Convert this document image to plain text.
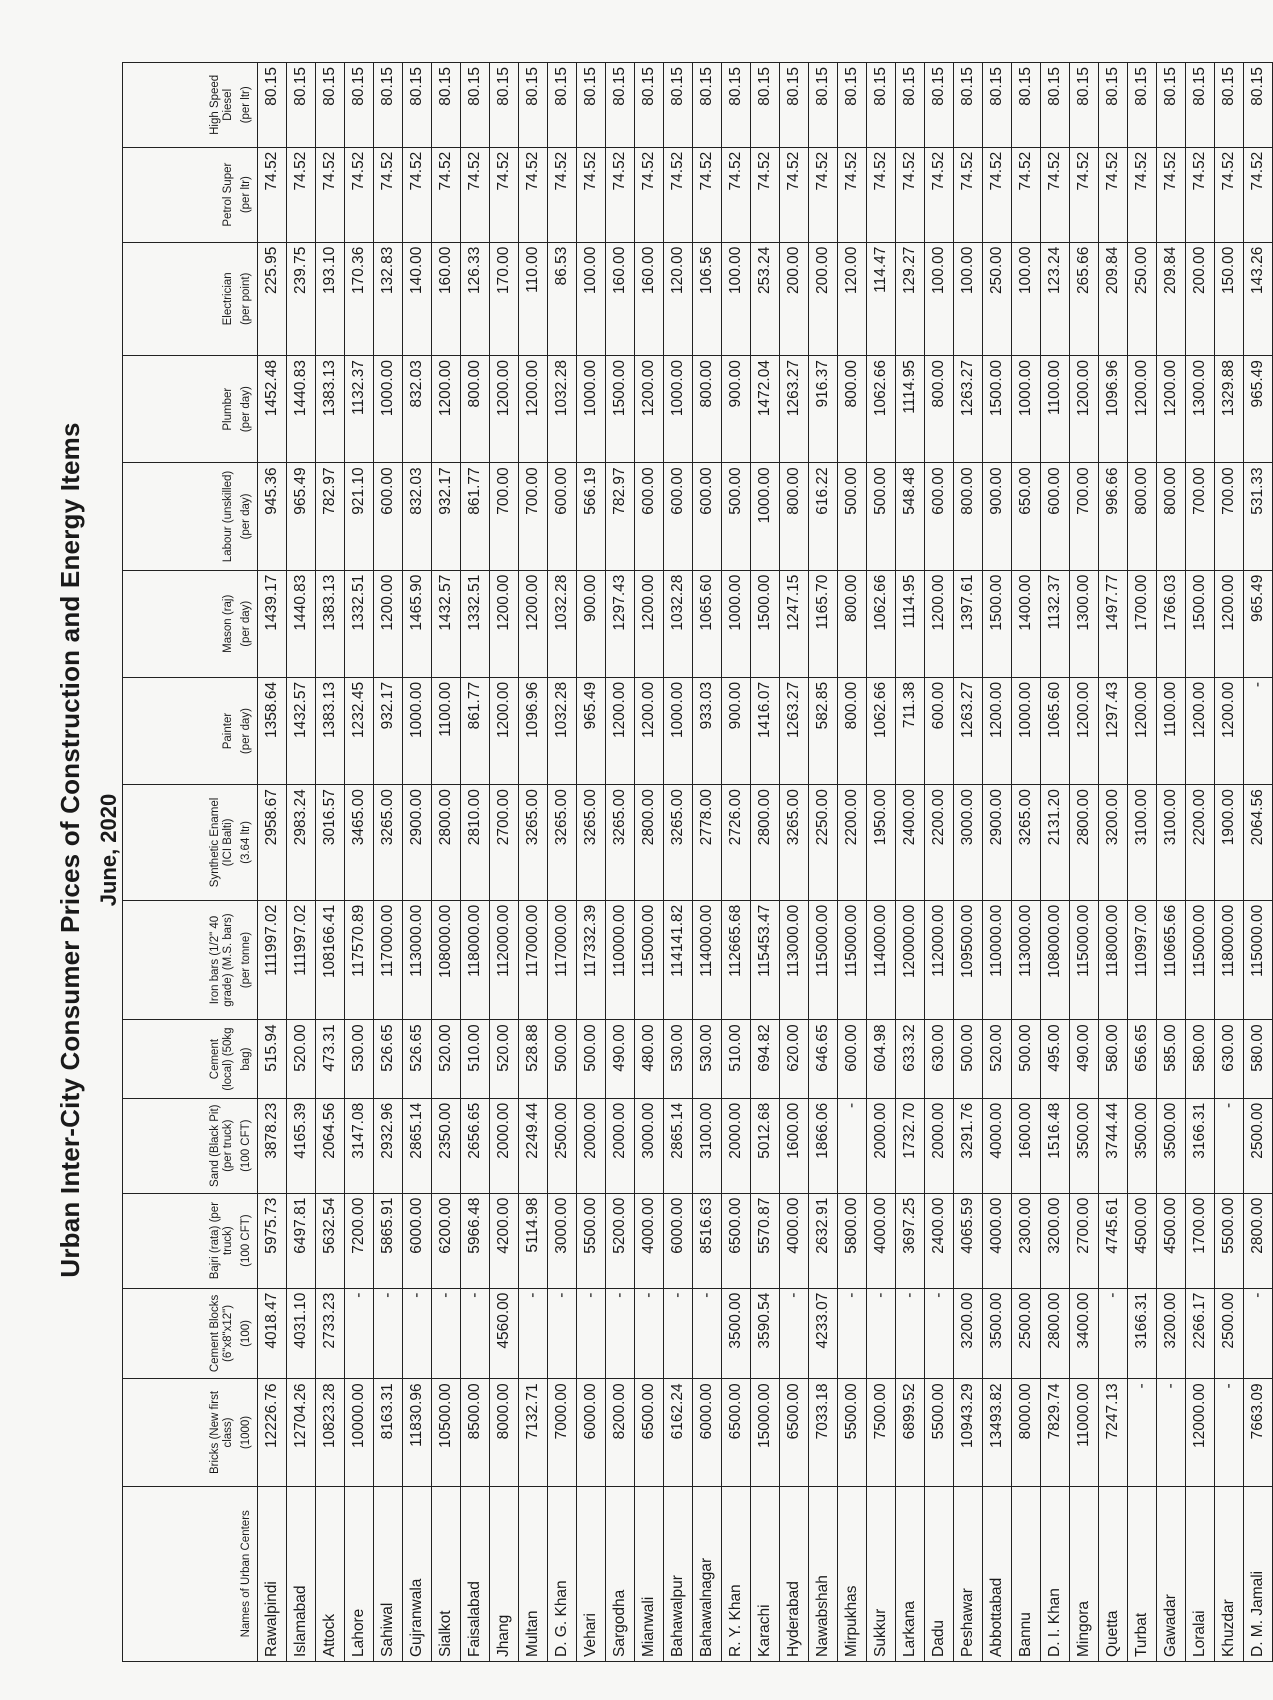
Urban Inter-City Consumer Prices of Construction and Energy Items June, 2020
Names of Urban Centers	Bricks (New first class) (1000)	Cement Blocks (6"x8"x12") (100)	Bajri (rata) (per truck) (100 CFT)	Sand (Black Pit) (per truck) (100 CFT)	Cement (local) (50kg bag)	Iron bars (1/2" 40 grade) (M.S. bars) (per tonne)	Synthetic Enamel (ICI Balti) (3.64 ltr)	Painter (per day)	Mason (raj) (per day)	Labour (unskilled) (per day)	Plumber (per day)	Electrician (per point)	Petrol Super (per ltr)	High Speed Diesel (per ltr)

Rawalpindi	12226.76	4018.47	5975.73	3878.23	515.94	111997.02	2958.67	1358.64	1439.17	945.36	1452.48	225.95	74.52	80.15
Islamabad	12704.26	4031.10	6497.81	4165.39	520.00	111997.02	2983.24	1432.57	1440.83	965.49	1440.83	239.75	74.52	80.15
Attock	10823.28	2733.23	5632.54	2064.56	473.31	108166.41	3016.57	1383.13	1383.13	782.97	1383.13	193.10	74.52	80.15
Lahore	10000.00	-	7200.00	3147.08	530.00	117570.89	3465.00	1232.45	1332.51	921.10	1132.37	170.36	74.52	80.15
Sahiwal	8163.31	-	5865.91	2932.96	526.65	117000.00	3265.00	932.17	1200.00	600.00	1000.00	132.83	74.52	80.15
Gujranwala	11830.96	-	6000.00	2865.14	526.65	113000.00	2900.00	1000.00	1465.90	832.03	832.03	140.00	74.52	80.15
Sialkot	10500.00	-	6200.00	2350.00	520.00	108000.00	2800.00	1100.00	1432.57	932.17	1200.00	160.00	74.52	80.15
Faisalabad	8500.00	-	5966.48	2656.65	510.00	118000.00	2810.00	861.77	1332.51	861.77	800.00	126.33	74.52	80.15
Jhang	8000.00	4560.00	4200.00	2000.00	520.00	112000.00	2700.00	1200.00	1200.00	700.00	1200.00	170.00	74.52	80.15
Multan	7132.71	-	5114.98	2249.44	528.88	117000.00	3265.00	1096.96	1200.00	700.00	1200.00	110.00	74.52	80.15
D. G. Khan	7000.00	-	3000.00	2500.00	500.00	117000.00	3265.00	1032.28	1032.28	600.00	1032.28	86.53	74.52	80.15
Vehari	6000.00	-	5500.00	2000.00	500.00	117332.39	3265.00	965.49	900.00	566.19	1000.00	100.00	74.52	80.15
Sargodha	8200.00	-	5200.00	2000.00	490.00	110000.00	3265.00	1200.00	1297.43	782.97	1500.00	160.00	74.52	80.15
Mianwali	6500.00	-	4000.00	3000.00	480.00	115000.00	2800.00	1200.00	1200.00	600.00	1200.00	160.00	74.52	80.15
Bahawalpur	6162.24	-	6000.00	2865.14	530.00	114141.82	3265.00	1000.00	1032.28	600.00	1000.00	120.00	74.52	80.15
Bahawalnagar	6000.00	-	8516.63	3100.00	530.00	114000.00	2778.00	933.03	1065.60	600.00	800.00	106.56	74.52	80.15
R. Y. Khan	6500.00	3500.00	6500.00	2000.00	510.00	112665.68	2726.00	900.00	1000.00	500.00	900.00	100.00	74.52	80.15
Karachi	15000.00	3590.54	5570.87	5012.68	694.82	115453.47	2800.00	1416.07	1500.00	1000.00	1472.04	253.24	74.52	80.15
Hyderabad	6500.00	-	4000.00	1600.00	620.00	113000.00	3265.00	1263.27	1247.15	800.00	1263.27	200.00	74.52	80.15
Nawabshah	7033.18	4233.07	2632.91	1866.06	646.65	115000.00	2250.00	582.85	1165.70	616.22	916.37	200.00	74.52	80.15
Mirpukhas	5500.00	-	5800.00	-	600.00	115000.00	2200.00	800.00	800.00	500.00	800.00	120.00	74.52	80.15
Sukkur	7500.00	-	4000.00	2000.00	604.98	114000.00	1950.00	1062.66	1062.66	500.00	1062.66	114.47	74.52	80.15
Larkana	6899.52	-	3697.25	1732.70	633.32	120000.00	2400.00	711.38	1114.95	548.48	1114.95	129.27	74.52	80.15
Dadu	5500.00	-	2400.00	2000.00	630.00	112000.00	2200.00	600.00	1200.00	600.00	800.00	100.00	74.52	80.15
Peshawar	10943.29	3200.00	4065.59	3291.76	500.00	109500.00	3000.00	1263.27	1397.61	800.00	1263.27	100.00	74.52	80.15
Abbottabad	13493.82	3500.00	4000.00	4000.00	520.00	110000.00	2900.00	1200.00	1500.00	900.00	1500.00	250.00	74.52	80.15
Bannu	8000.00	2500.00	2300.00	1600.00	500.00	113000.00	3265.00	1000.00	1400.00	650.00	1000.00	100.00	74.52	80.15
D. I. Khan	7829.74	2800.00	3200.00	1516.48	495.00	108000.00	2131.20	1065.60	1132.37	600.00	1100.00	123.24	74.52	80.15
Mingora	11000.00	3400.00	2700.00	3500.00	490.00	115000.00	2800.00	1200.00	1300.00	700.00	1200.00	265.66	74.52	80.15
Quetta	7247.13	-	4745.61	3744.44	580.00	118000.00	3200.00	1297.43	1497.77	996.66	1096.96	209.84	74.52	80.15
Turbat	-	3166.31	4500.00	3500.00	656.65	110997.00	3100.00	1200.00	1700.00	800.00	1200.00	250.00	74.52	80.15
Gawadar	-	3200.00	4500.00	3500.00	585.00	110665.66	3100.00	1100.00	1766.03	800.00	1200.00	209.84	74.52	80.15
Loralai	12000.00	2266.17	1700.00	3166.31	580.00	115000.00	2200.00	1200.00	1500.00	700.00	1300.00	200.00	74.52	80.15
Khuzdar	-	2500.00	5500.00	-	630.00	118000.00	1900.00	1200.00	1200.00	700.00	1329.88	150.00	74.52	80.15
D. M. Jamali	7663.09	-	2800.00	2500.00	580.00	115000.00	2064.56	-	965.49	531.33	965.49	143.26	74.52	80.15
